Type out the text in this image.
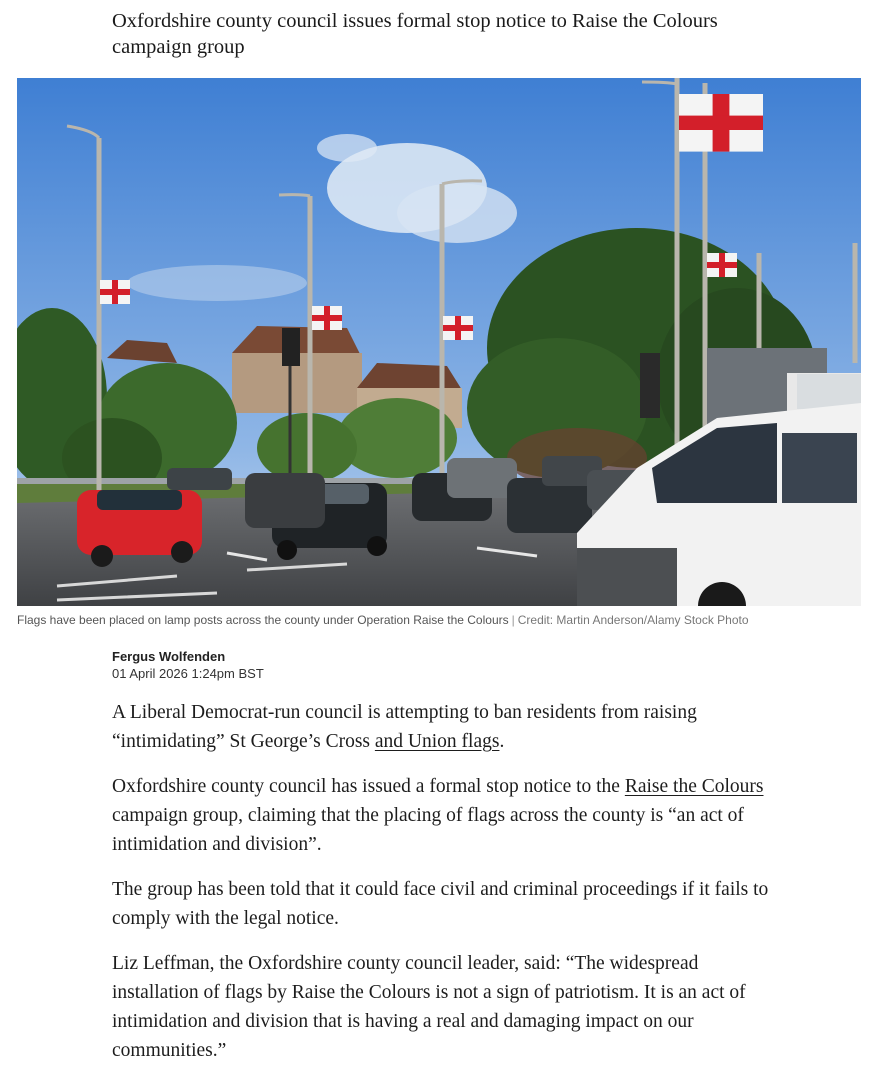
Oxfordshire county council issues formal stop notice to Raise the Colours campaign group
Flags have been placed on lamp posts across the county under Operation Raise the Colours | Credit: Martin Anderson/Alamy Stock Photo
Fergus Wolfenden
01 April 2026 1:24pm BST

A Liberal Democrat-run council is attempting to ban residents from raising “intimidating” St George’s Cross and Union flags.

Oxfordshire county council has issued a formal stop notice to the Raise the Colours campaign group, claiming that the placing of flags across the county is “an act of intimidation and division”.

The group has been told that it could face civil and criminal proceedings if it fails to comply with the legal notice.

Liz Leffman, the Oxfordshire county council leader, said: “The widespread installation of flags by Raise the Colours is not a sign of patriotism. It is an act of intimidation and division that is having a real and damaging impact on our communities.”
